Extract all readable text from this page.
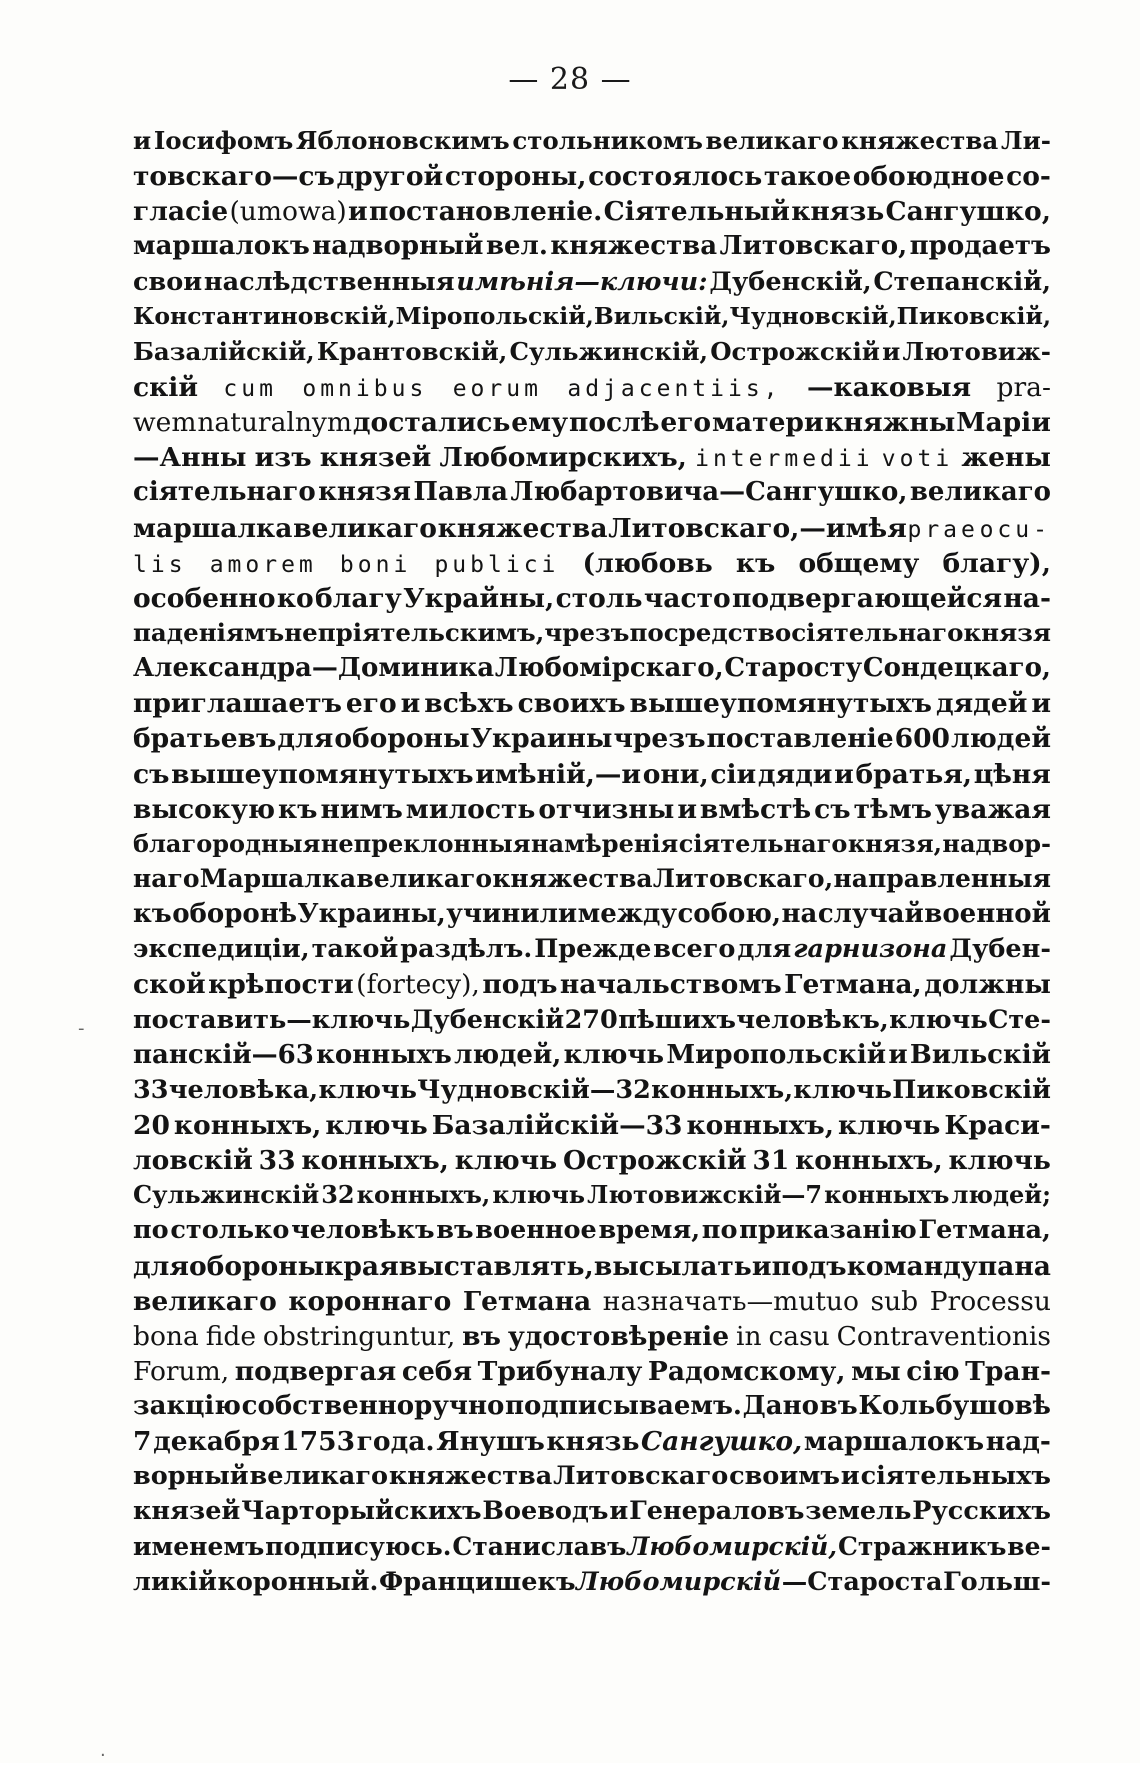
— 28 —
и Іосифомъ Яблоновскимъ стольникомъ великаго княжества Ли-
товскаго—съ другой стороны, состоялось такое обоюдное со-
гласіе (umowa) и постановленіе. Сіятельный князь Сангушко,
маршалокъ надворный вел. княжества Литовскаго, продаетъ
свои наслѣдственныя имѣнія—ключи: Дубенскій, Степанскій,
Константиновскій, Міропольскій, Вильскій, Чудновскій, Пиковскій,
Базалійскій, Крантовскій, Сульжинскій, Острожскій и Лютовиж-
скій cum omnibus eorum adjacentiis, —каковыя pra-
wem naturalnym достались ему послѣ его матери княжны Маріи
—Анны изъ князей Любомирскихъ, intermedii voti жены
сіятельнаго князя Павла Любартовича—Сангушко, великаго
маршалка великаго княжества Литовскаго,—имѣя prae ocu-
lis amorem boni publici (любовь къ общему благу),
особенно ко благу Украйны, столь часто подвергающейся на-
паденіямъ непріятельскимъ, чрезъ посредство сіятельнаго князя
Александра—Доминика Любомірскаго, Старосту Сондецкаго,
приглашаетъ его и всѣхъ своихъ вышеупомянутыхъ дядей и
братьевъ для обороны Украины чрезъ поставленіе 600 людей
съ вышеупомянутыхъ имѣній,—и они, сіи дяди и братья, цѣня
высокую къ нимъ милость отчизны и вмѣстѣ съ тѣмъ уважая
благородныя непреклонныя намѣренія сіятельнаго князя, надвор-
наго Маршалка великаго княжества Литовскаго, направленныя
къ оборонѣ Украины, учинили между собою, на случай военной
экспедиціи, такой раздѣлъ. Прежде всего для гарнизона Дубен-
ской крѣпости (fortecy), подъ начальствомъ Гетмана, должны
поставить—ключь Дубенскій 270 пѣшихъ человѣкъ, ключь Сте-
панскій—63 конныхъ людей, ключь Миропольскій и Вильскій
33 человѣка, ключь Чудновскій—32 конныхъ, ключь Пиковскій
20 конныхъ, ключь Базалійскій—33 конныхъ, ключь Краси-
ловскій 33 конныхъ, ключь Острожскій 31 конныхъ, ключь
Сульжинскій 32 конныхъ, ключь Лютовижскій—7 конныхъ людей;
по столько человѣкъ въ военное время, по приказанію Гетмана,
для обороны края выставлять, высылать и подъ команду пана
великаго короннаго Гетмана назначать—mutuo sub Processu
bona fide obstringuntur, въ удостовѣреніе in casu Contraventionis
Forum, подвергая себя Трибуналу Радомскому, мы сію Тран-
закцію собственноручно подписываемъ. Дано въ Кольбушовѣ
7 декабря 1753 года. Янушъ князь Сангушко, маршалокъ над-
ворный великаго княжества Литовскаго своимъ и сіятельныхъ
князей Чарторыйскихъ Воеводъ и Генераловъ земель Русскихъ
именемъ подписуюсь. Станиславъ Любомирскій, Стражникъ ве-
ликій коронный. Францишекъ Любомирскій —Староста Гольш-
-
·
